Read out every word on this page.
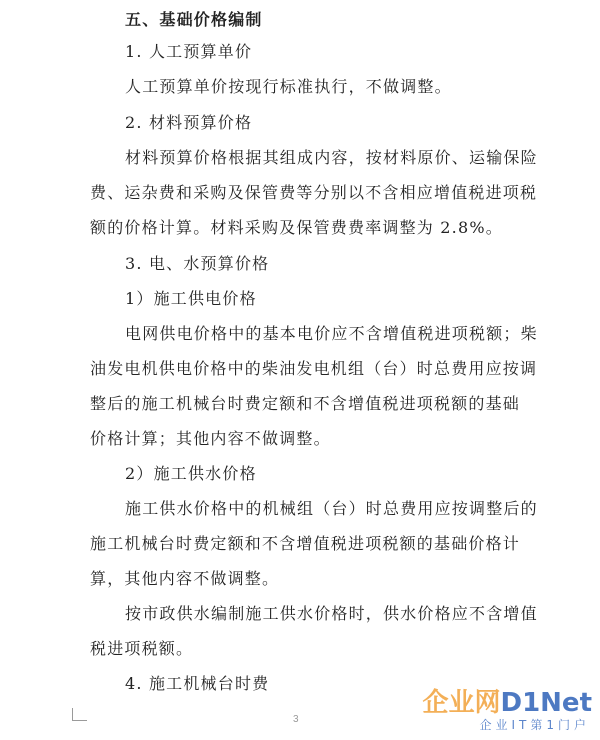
五、基础价格编制
1. 人工预算单价
人工预算单价按现行标准执行，不做调整。
2. 材料预算价格
材料预算价格根据其组成内容，按材料原价、运输保险
费、运杂费和采购及保管费等分别以不含相应增值税进项税
额的价格计算。材料采购及保管费费率调整为 2.8%。
3. 电、水预算价格
1）施工供电价格
电网供电价格中的基本电价应不含增值税进项税额；柴
油发电机供电价格中的柴油发电机组（台）时总费用应按调
整后的施工机械台时费定额和不含增值税进项税额的基础
价格计算；其他内容不做调整。
2）施工供水价格
施工供水价格中的机械组（台）时总费用应按调整后的
施工机械台时费定额和不含增值税进项税额的基础价格计
算，其他内容不做调整。
按市政供水编制施工供水价格时，供水价格应不含增值
税进项税额。
4. 施工机械台时费
3
企业网D1Net
企业IT第1门户
